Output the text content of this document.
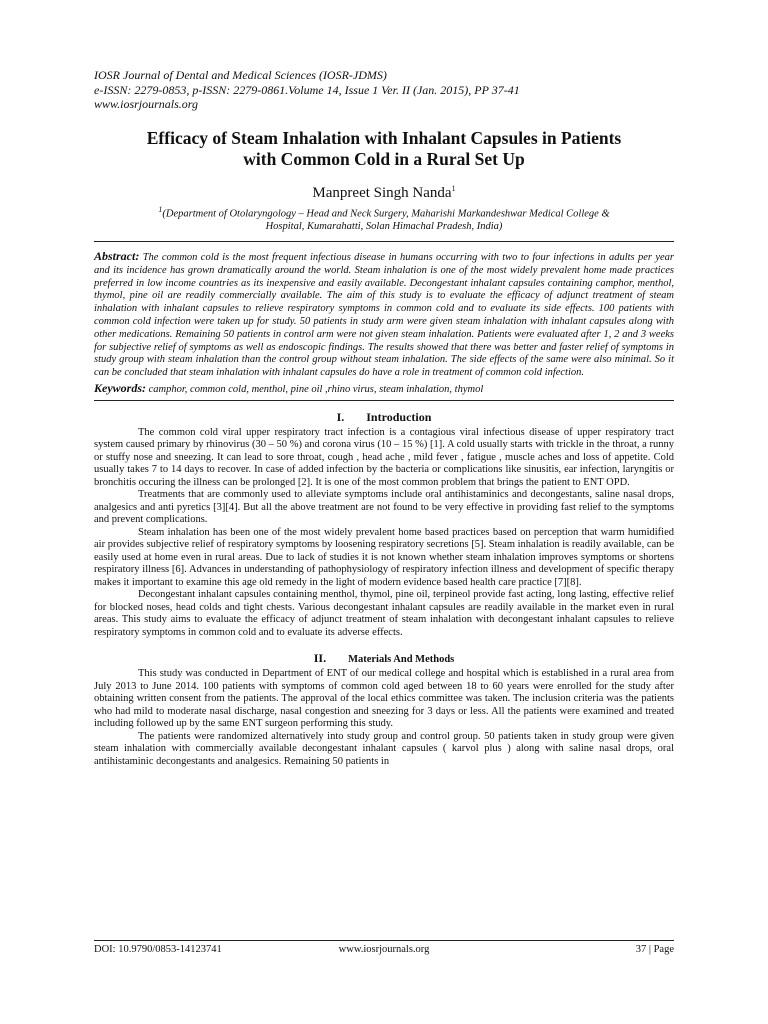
IOSR Journal of Dental and Medical Sciences (IOSR-JDMS)
e-ISSN: 2279-0853, p-ISSN: 2279-0861.Volume 14, Issue 1 Ver. II (Jan. 2015), PP 37-41
www.iosrjournals.org
Efficacy of Steam Inhalation with Inhalant Capsules in Patients
with Common Cold in a Rural Set Up
Manpreet Singh Nanda$^1$
$^1$(Department of Otolaryngology – Head and Neck Surgery, Maharishi Markandeshwar Medical College &
Hospital, Kumarahatti, Solan Himachal Pradesh, India)
Abstract: The common cold is the most frequent infectious disease in humans occurring with two to four infections in adults per year and its incidence has grown dramatically around the world. Steam inhalation is one of the most widely prevalent home made practices preferred in low income countries as its inexpensive and easily available. Decongestant inhalant capsules containing camphor, menthol, thymol, pine oil are readily commercially available. The aim of this study is to evaluate the efficacy of adjunct treatment of steam inhalation with inhalant capsules to relieve respiratory symptoms in common cold and to evaluate its side effects. 100 patients with common cold infection were taken up for study. 50 patients in study arm were given steam inhalation with inhalant capsules along with other medications. Remaining 50 patients in control arm were not given steam inhalation. Patients were evaluated after 1, 2 and 3 weeks for subjective relief of symptoms as well as endoscopic findings. The results showed that there was better and faster relief of symptoms in study group with steam inhalation than the control group without steam inhalation. The side effects of the same were also minimal. So it can be concluded that steam inhalation with inhalant capsules do have a role in treatment of common cold infection.
Keywords: camphor, common cold, menthol, pine oil ,rhino virus, steam inhalation, thymol
I. Introduction

The common cold viral upper respiratory tract infection is a contagious viral infectious disease of upper respiratory tract system caused primary by rhinovirus (30 – 50 %) and corona virus (10 – 15 %) [1]. A cold usually starts with trickle in the throat, a runny or stuffy nose and sneezing. It can lead to sore throat, cough , head ache , mild fever , fatigue , muscle aches and loss of appetite. Cold usually takes 7 to 14 days to recover. In case of added infection by the bacteria or complications like sinusitis, ear infection, laryngitis or bronchitis occuring the illness can be prolonged [2]. It is one of the most common problem that brings the patient to ENT OPD.

Treatments that are commonly used to alleviate symptoms include oral antihistaminics and decongestants, saline nasal drops, analgesics and anti pyretics [3][4]. But all the above treatment are not found to be very effective in providing fast relief to the symptoms and prevent complications.

Steam inhalation has been one of the most widely prevalent home based practices based on perception that warm humidified air provides subjective relief of respiratory symptoms by loosening respiratory secretions [5]. Steam inhalation is readily available, can be easily used at home even in rural areas. Due to lack of studies it is not known whether steam inhalation improves symptoms or shortens respiratory illness [6]. Advances in understanding of pathophysiology of respiratory infection illness and development of specific therapy makes it important to examine this age old remedy in the light of modern evidence based health care practice [7][8].

Decongestant inhalant capsules containing menthol, thymol, pine oil, terpineol provide fast acting, long lasting, effective relief for blocked noses, head colds and tight chests. Various decongestant inhalant capsules are readily available in the market even in rural areas. This study aims to evaluate the efficacy of adjunct treatment of steam inhalation with decongestant inhalant capsules to relieve respiratory symptoms in common cold and to evaluate its adverse effects.

II. Materials And Methods

This study was conducted in Department of ENT of our medical college and hospital which is established in a rural area from July 2013 to June 2014. 100 patients with symptoms of common cold aged between 18 to 60 years were enrolled for the study after obtaining written consent from the patients. The approval of the local ethics committee was taken. The inclusion criteria was the patients who had mild to moderate nasal discharge, nasal congestion and sneezing for 3 days or less. All the patients were examined and treated including followed up by the same ENT surgeon performing this study.

The patients were randomized alternatively into study group and control group. 50 patients taken in study group were given steam inhalation with commercially available decongestant inhalant capsules ( karvol plus ) along with saline nasal drops, oral antihistaminic decongestants and analgesics. Remaining 50 patients in

DOI: 10.9790/0853-14123741	www.iosrjournals.org	37 | Page
